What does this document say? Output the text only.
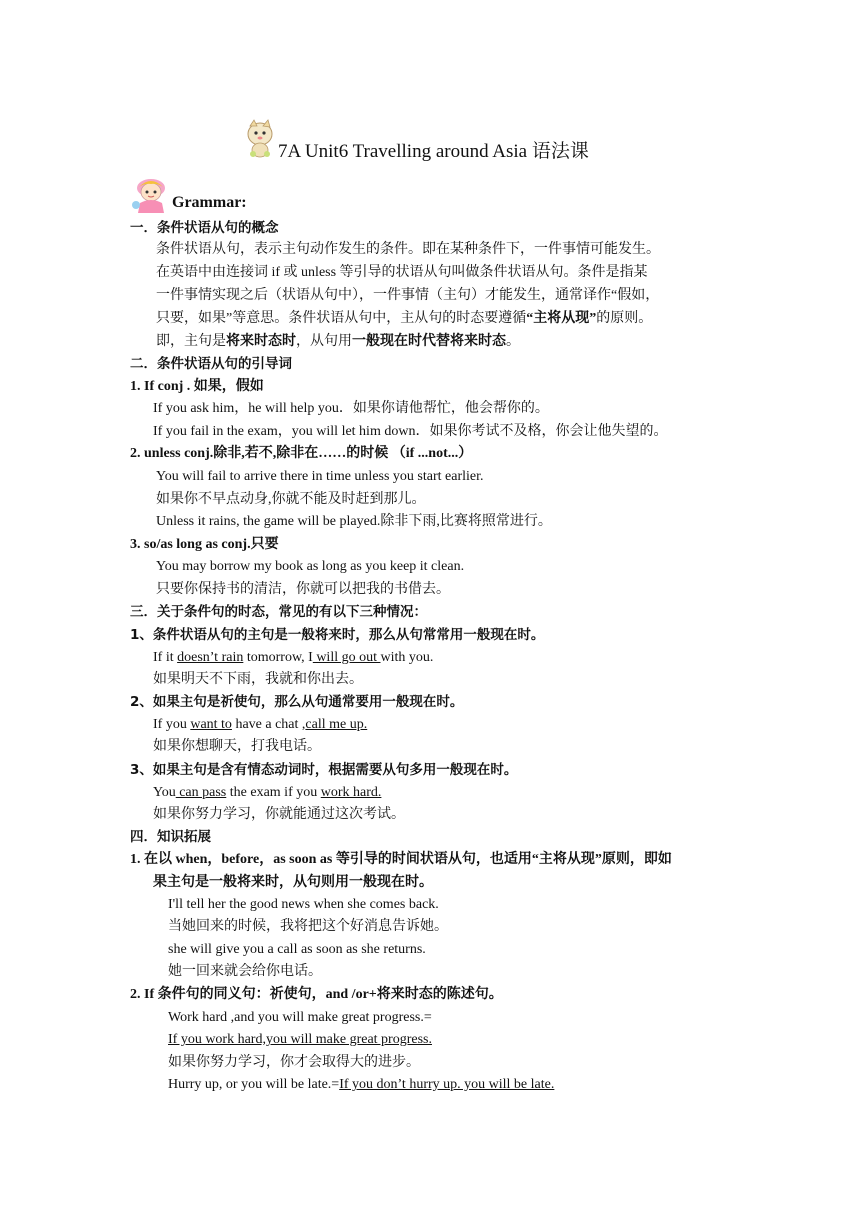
7A Unit6 Travelling around Asia 语法课
Grammar:
一．条件状语从句的概念
条件状语从句，表示主句动作发生的条件。即在某种条件下，一件事情可能发生。
在英语中由连接词 if 或 unless 等引导的状语从句叫做条件状语从句。条件是指某
一件事情实现之后（状语从句中），一件事情（主句）才能发生，通常译作“假如，
只要，如果”等意思。条件状语从句中，主从句的时态要遵循“主将从现”的原则。
即，主句是将来时态时，从句用一般现在时代替将来时态。
二．条件状语从句的引导词
1. If conj . 如果，假如
If you ask him，he will help you．如果你请他帮忙，他会帮你的。
If you fail in the exam，you will let him down．如果你考试不及格，你会让他失望的。
2. unless conj.除非,若不,除非在……的时候 （if ...not...）
You will fail to arrive there in time unless you start earlier.
如果你不早点动身,你就不能及时赶到那儿。
Unless it rains, the game will be played.除非下雨,比赛将照常进行。
3. so/as long as conj.只要
You may borrow my book as long as you keep it clean.
只要你保持书的清洁，你就可以把我的书借去。
三．关于条件句的时态，常见的有以下三种情况：
1、条件状语从句的主句是一般将来时，那么从句常常用一般现在时。
If it doesn’t rain tomorrow, I will go out with you.
如果明天不下雨，我就和你出去。
2、如果主句是祈使句，那么从句通常要用一般现在时。
If you want to have a chat ,call me up.
如果你想聊天，打我电话。
3、如果主句是含有情态动词时，根据需要从句多用一般现在时。
You can pass the exam if you work hard.
如果你努力学习，你就能通过这次考试。
四．知识拓展
1. 在以 when，before，as soon as 等引导的时间状语从句，也适用“主将从现”原则，即如
果主句是一般将来时，从句则用一般现在时。
I'll tell her the good news when she comes back.
当她回来的时候，我将把这个好消息告诉她。
she will give you a call as soon as she returns.
她一回来就会给你电话。
2. If 条件句的同义句：祈使句，and /or+将来时态的陈述句。
Work hard ,and you will make great progress.=
If you work hard,you will make great progress.
如果你努力学习，你才会取得大的进步。
Hurry up, or you will be late.=If you don’t hurry up. you will be late.
